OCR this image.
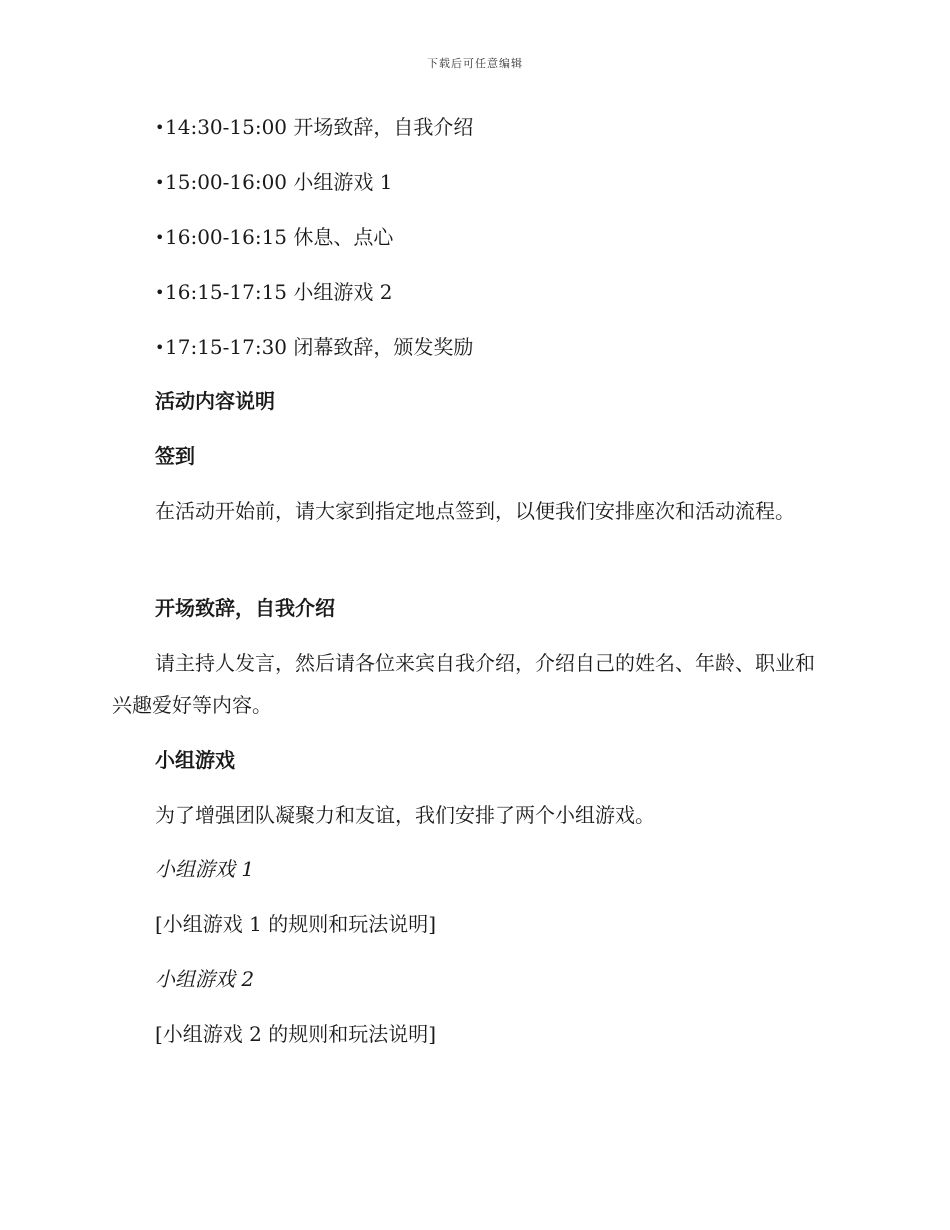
下载后可任意编辑
•14:30-15:00 开场致辞，自我介绍
•15:00-16:00 小组游戏 1
•16:00-16:15 休息、点心
•16:15-17:15 小组游戏 2
•17:15-17:30 闭幕致辞，颁发奖励
活动内容说明
签到
在活动开始前，请大家到指定地点签到，以便我们安排座次和活动流程。
开场致辞，自我介绍
请主持人发言，然后请各位来宾自我介绍，介绍自己的姓名、年龄、职业和兴趣爱好等内容。
小组游戏
为了增强团队凝聚力和友谊，我们安排了两个小组游戏。
小组游戏 1
[小组游戏 1 的规则和玩法说明]
小组游戏 2
[小组游戏 2 的规则和玩法说明]
